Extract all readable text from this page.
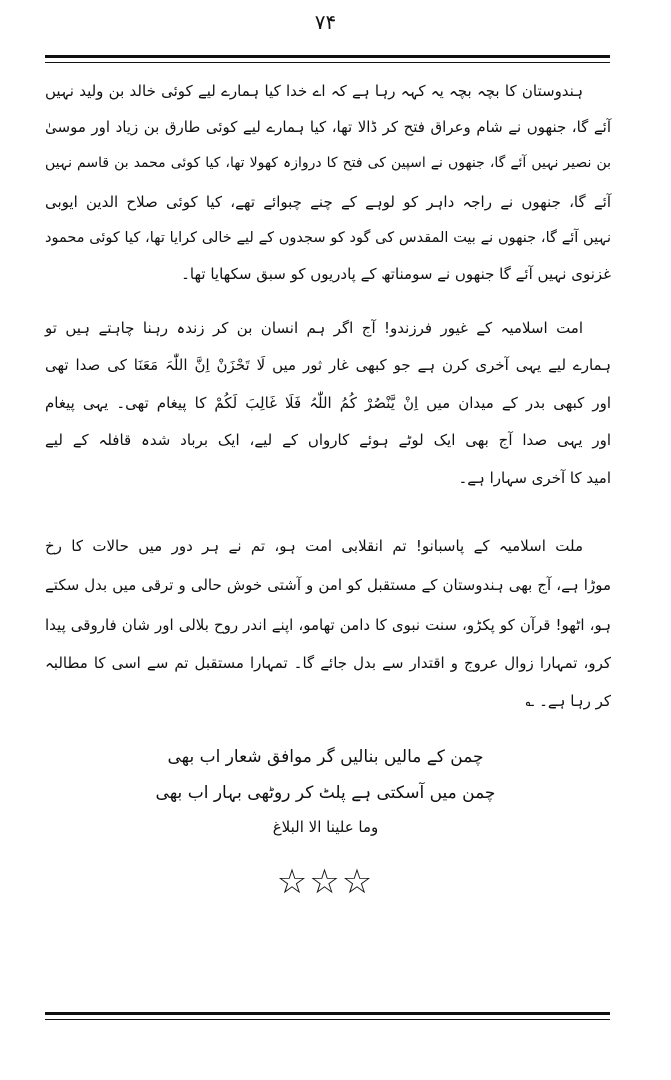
۷۴
ہندوستان کا بچہ بچہ یہ کہہ رہا ہے کہ اے خدا کیا ہمارے لیے کوئی خالد بن ولید نہیں
آئے گا، جنھوں نے شام وعراق فتح کر ڈالا تھا، کیا ہمارے لیے کوئی طارق بن زیاد اور موسیٰ
بن نصیر نہیں آئے گا، جنھوں نے اسپین کی فتح کا دروازہ کھولا تھا، کیا کوئی محمد بن قاسم نہیں
آئے گا، جنھوں نے راجہ داہر کو لوہے کے چنے چبوائے تھے، کیا کوئی صلاح الدین ایوبی
نہیں آئے گا، جنھوں نے بیت المقدس کی گود کو سجدوں کے لیے خالی کرایا تھا، کیا کوئی محمود
غزنوی نہیں آئے گا جنھوں نے سومناتھ کے پادریوں کو سبق سکھایا تھا۔
امت اسلامیہ کے غیور فرزندو! آج اگر ہم انسان بن کر زندہ رہنا چاہتے ہیں تو
ہمارے لیے یہی آخری کرن ہے جو کبھی غار ثور میں لَا تَحْزَنْ اِنَّ اللّٰہَ مَعَنَا کی صدا تھی
اور کبھی بدر کے میدان میں اِنْ یَّنْصُرْ کُمُ اللّٰہُ فَلَا غَالِبَ لَکُمْ کا پیغام تھی۔ یہی پیغام
اور یہی صدا آج بھی ایک لوٹے ہوئے کارواں کے لیے، ایک برباد شدہ قافلہ کے لیے
امید کا آخری سہارا ہے۔
ملت اسلامیہ کے پاسبانو! تم انقلابی امت ہو، تم نے ہر دور میں حالات کا رخ
موڑا ہے، آج بھی ہندوستان کے مستقبل کو امن و آشتی خوش حالی و ترقی میں بدل سکتے
ہو، اٹھو! قرآن کو پکڑو، سنت نبوی کا دامن تھامو، اپنے اندر روح بلالی اور شان فاروقی پیدا
کرو، تمہارا زوال عروج و اقتدار سے بدل جائے گا۔ تمہارا مستقبل تم سے اسی کا مطالبہ
کر رہا ہے۔ ؎
چمن کے مالیں بنالیں گر موافق شعار اب بھی
چمن میں آسکتی ہے پلٹ کر روٹھی بہار اب بھی
وما علینا الا البلاغ
☆☆☆
